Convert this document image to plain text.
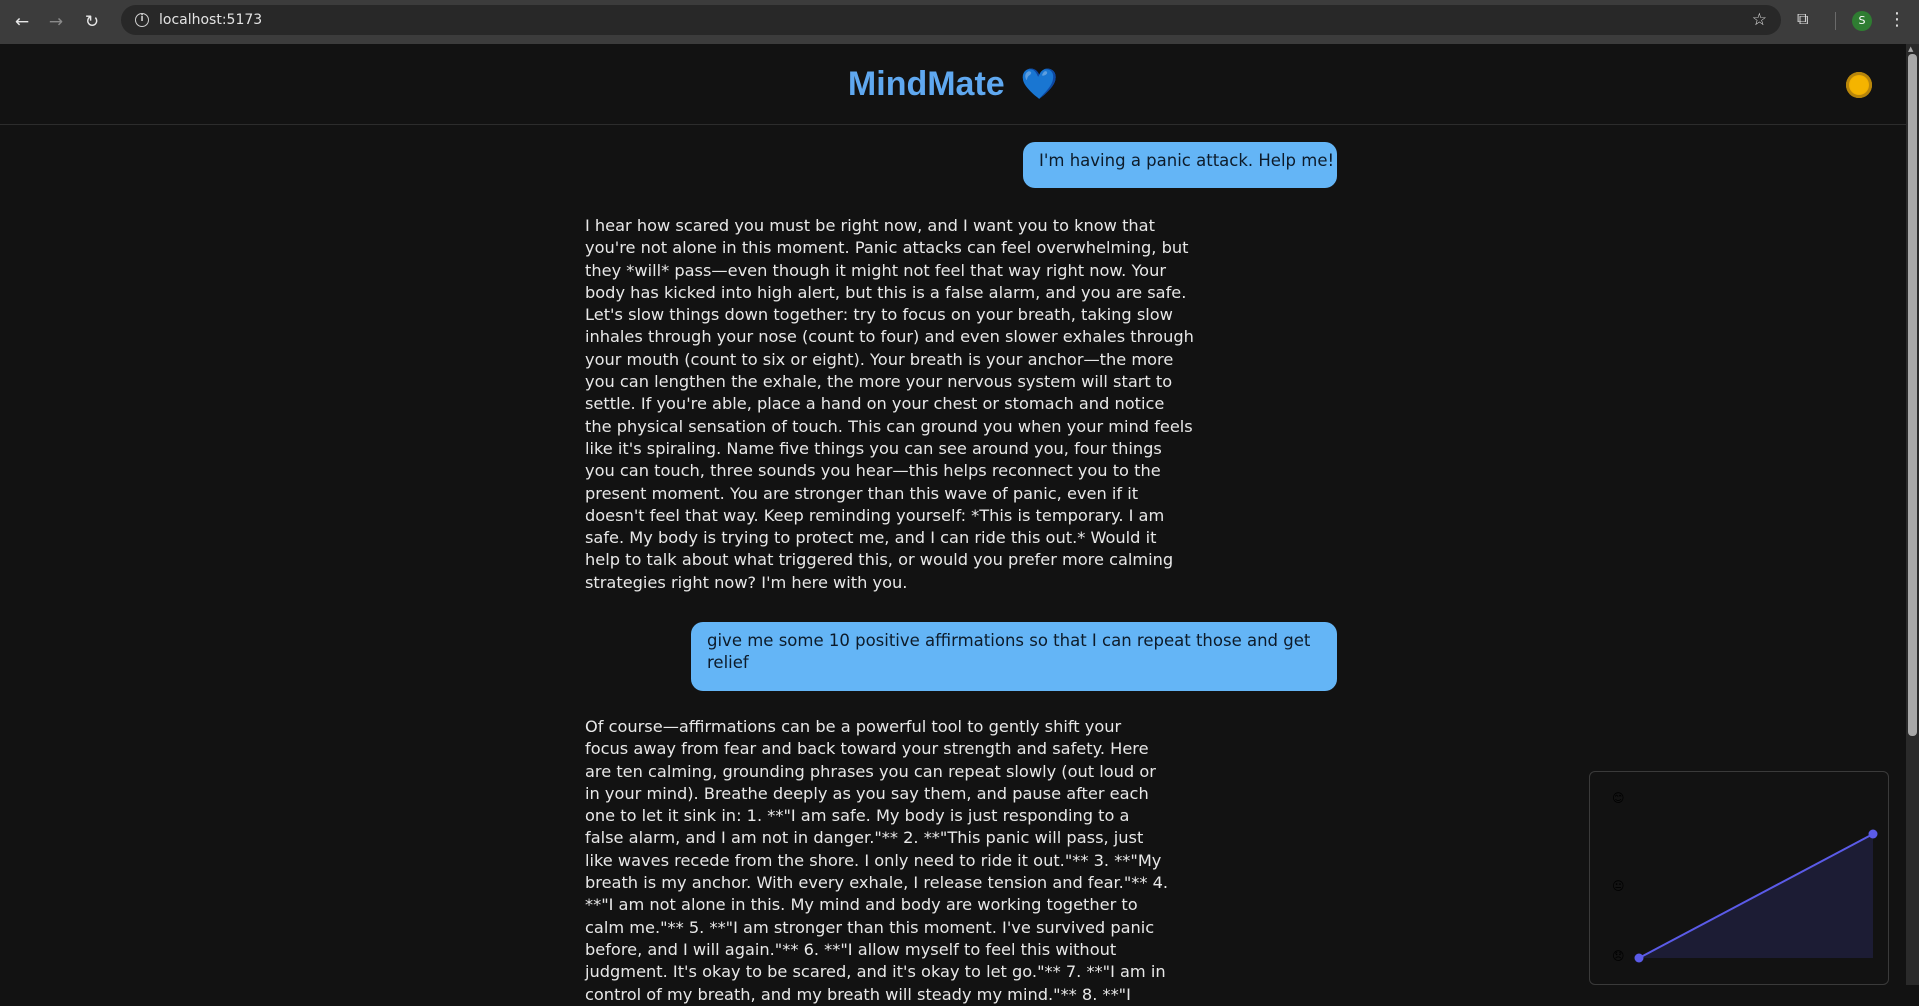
←	→	↻	i	localhost:5173	☆ ⧉	S	⋮
MindMate 💙
I'm having a panic attack. Help me!
I hear how scared you must be right now, and I want you to know that you're not alone in this moment. Panic attacks can feel overwhelming, but they *will* pass—even though it might not feel that way right now. Your body has kicked into high alert, but this is a false alarm, and you are safe. Let's slow things down together: try to focus on your breath, taking slow inhales through your nose (count to four) and even slower exhales through your mouth (count to six or eight). Your breath is your anchor—the more you can lengthen the exhale, the more your nervous system will start to settle. If you're able, place a hand on your chest or stomach and notice the physical sensation of touch. This can ground you when your mind feels like it's spiraling. Name five things you can see around you, four things you can touch, three sounds you hear—this helps reconnect you to the present moment. You are stronger than this wave of panic, even if it doesn't feel that way. Keep reminding yourself: *This is temporary. I am safe. My body is trying to protect me, and I can ride this out.* Would it help to talk about what triggered this, or would you prefer more calming strategies right now? I'm here with you.
give me some 10 positive affirmations so that I can repeat those and get relief
Of course—affirmations can be a powerful tool to gently shift your focus away from fear and back toward your strength and safety. Here are ten calming, grounding phrases you can repeat slowly (out loud or in your mind). Breathe deeply as you say them, and pause after each one to let it sink in: 1. **"I am safe. My body is just responding to a false alarm, and I am not in danger."** 2. **"This panic will pass, just like waves recede from the shore. I only need to ride it out."** 3. **"My breath is my anchor. With every exhale, I release tension and fear."** 4. **"I am not alone in this. My mind and body are working together to calm me."** 5. **"I am stronger than this moment. I've survived panic before, and I will again."** 6. **"I allow myself to feel this without judgment. It's okay to be scared, and it's okay to let go."** 7. **"I am in control of my breath, and my breath will steady my mind."** 8. **"I
😊
😐
😞
▲
